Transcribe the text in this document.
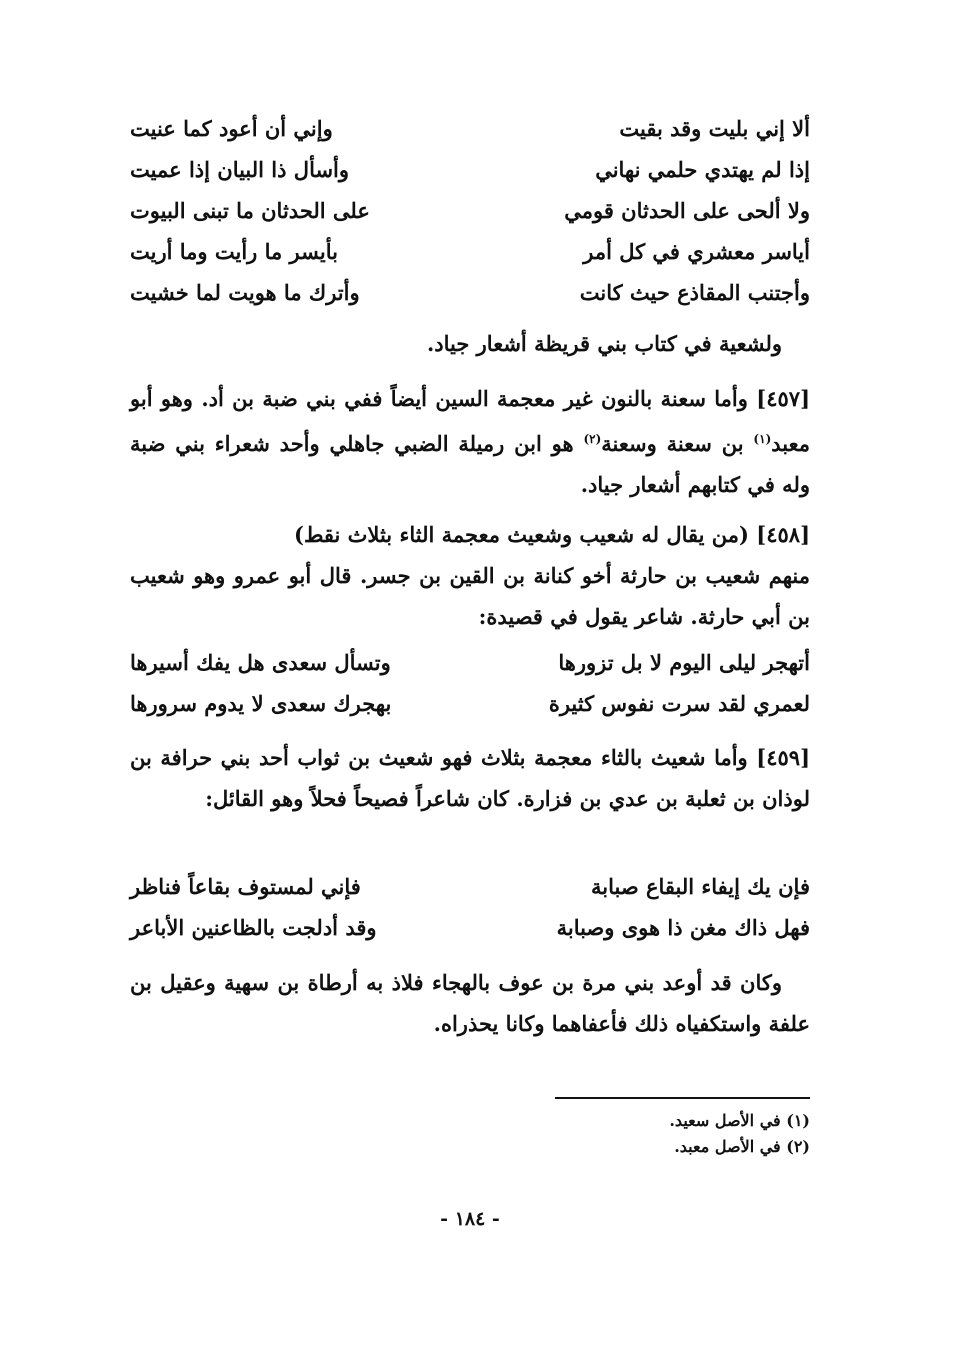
ألا إني بليت وقد بقيت
وإني أن أعود كما عنيت
إذا لم يهتدي حلمي نهاني
وأسأل ذا البيان إذا عميت
ولا ألحى على الحدثان قومي
على الحدثان ما تبنى البيوت
أياسر معشري في كل أمر
بأيسر ما رأيت وما أريت
وأجتنب المقاذع حيث كانت
وأترك ما هويت لما خشيت
ولشعية في كتاب بني قريظة أشعار جياد.
[٤٥٧] وأما سعنة بالنون غير معجمة السين أيضاً ففي بني ضبة بن أد. وهو أبو معبد$^{(١)}$ بن سعنة وسعنة$^{(٢)}$ هو ابن رميلة الضبي جاهلي وأحد شعراء بني ضبة وله في كتابهم أشعار جياد.
[٤٥٨] (من يقال له شعيب وشعيث معجمة الثاء بثلاث نقط)
منهم شعيب بن حارثة أخو كنانة بن القين بن جسر. قال أبو عمرو وهو شعيب بن أبي حارثة. شاعر يقول في قصيدة:
أتهجر ليلى اليوم لا بل تزورها
وتسأل سعدى هل يفك أسيرها
لعمري لقد سرت نفوس كثيرة
بهجرك سعدى لا يدوم سرورها
[٤٥٩] وأما شعيث بالثاء معجمة بثلاث فهو شعيث بن ثواب أحد بني حرافة بن لوذان بن ثعلبة بن عدي بن فزارة. كان شاعراً فصيحاً فحلاً وهو القائل:
فإن يك إيفاء البقاع صبابة
فإني لمستوف بقاعاً فناظر
فهل ذاك مغن ذا هوى وصبابة
وقد أدلجت بالظاعنين الأباعر
وكان قد أوعد بني مرة بن عوف بالهجاء فلاذ به أرطاة بن سهية وعقيل بن علفة واستكفياه ذلك فأعفاهما وكانا يحذراه.
(١) في الأصل سعيد.
(٢) في الأصل معبد.
- ١٨٤ -
